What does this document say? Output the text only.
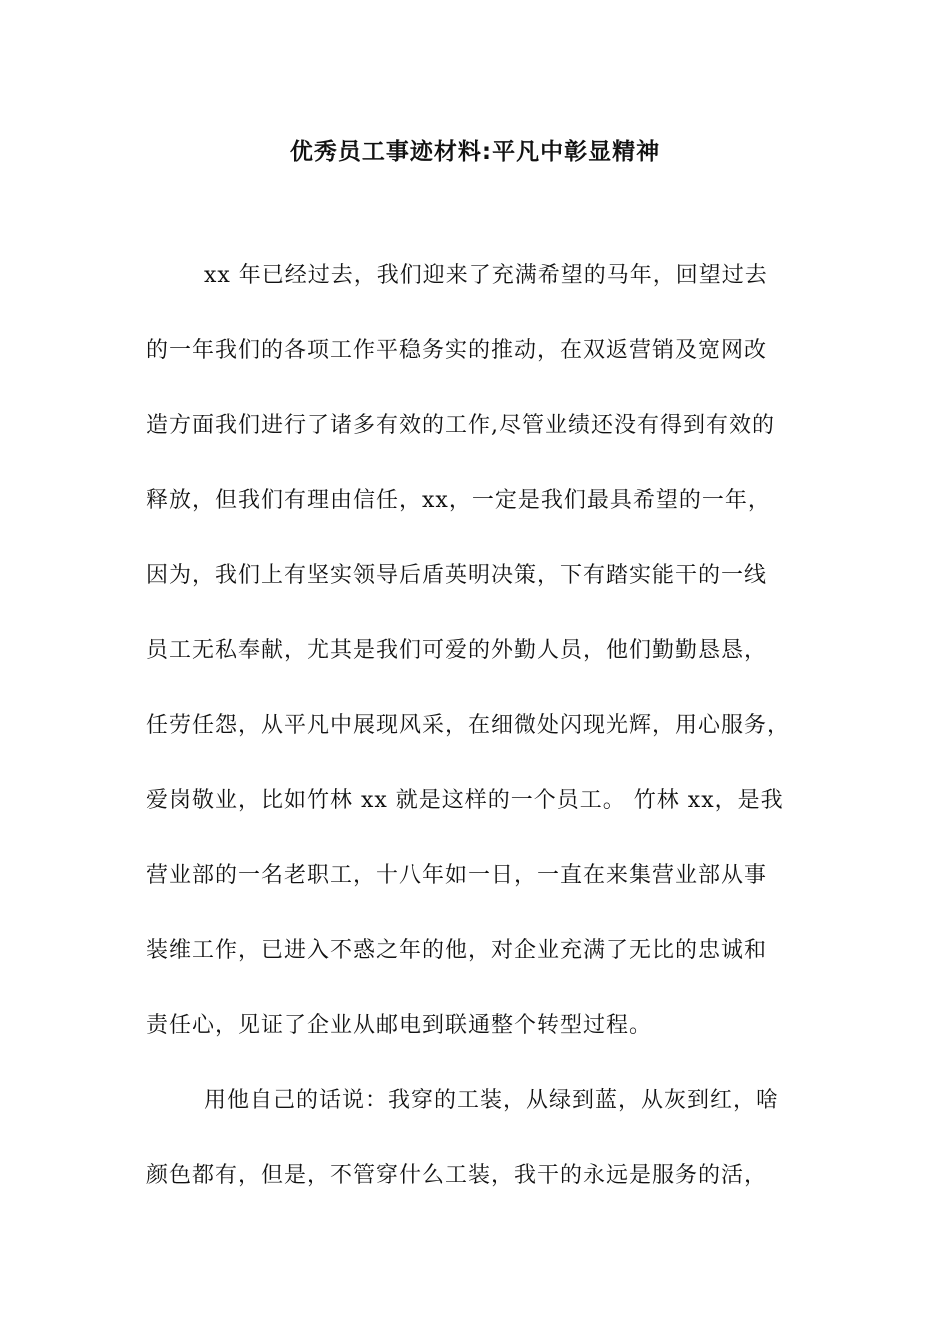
优秀员工事迹材料:平凡中彰显精神
xx 年已经过去，我们迎来了充满希望的马年，回望过去
的一年我们的各项工作平稳务实的推动，在双返营销及宽网改
造方面我们进行了诸多有效的工作,尽管业绩还没有得到有效的
释放，但我们有理由信任，xx，一定是我们最具希望的一年，
因为，我们上有坚实领导后盾英明决策，下有踏实能干的一线
员工无私奉献，尤其是我们可爱的外勤人员，他们勤勤恳恳，
任劳任怨，从平凡中展现风采，在细微处闪现光辉，用心服务，
爱岗敬业，比如竹林 xx 就是这样的一个员工。 竹林 xx，是我
营业部的一名老职工，十八年如一日，一直在来集营业部从事
装维工作，已进入不惑之年的他，对企业充满了无比的忠诚和
责任心，见证了企业从邮电到联通整个转型过程。
用他自己的话说：我穿的工装，从绿到蓝，从灰到红，啥
颜色都有，但是，不管穿什么工装，我干的永远是服务的活，
